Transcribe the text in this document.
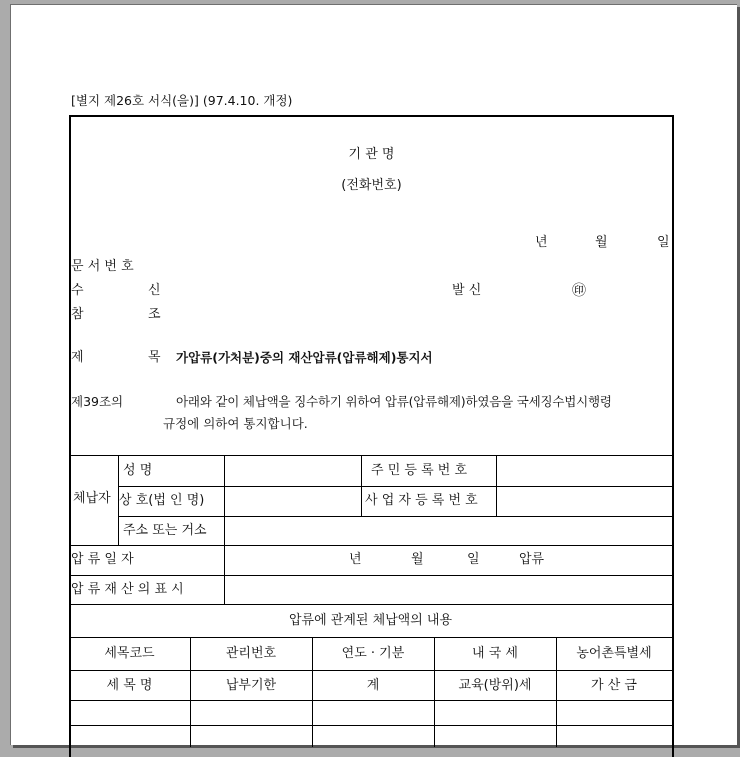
[별지 제26호 서식(을)] (97.4.10. 개정)
기 관 명
(전화번호)
년	월	일
문 서 번 호
수	신	발 신	㊞
참	조
제	목 가압류(가처분)중의 재산압류(압류해제)통지서
제39조의	아래와 같이 체납액을 징수하기 위하여 압류(압류해제)하였음을 국세징수법시행령
규정에 의하여 통지합니다.
체납자
성 명	주 민 등 록 번 호
상 호(법 인 명)	사 업 자 등 록 번 호
주소 또는 거소
압 류 일 자	년	월	일	압류
압 류 재 산 의 표 시
압류에 관계된 체납액의 내용
세목코드	관리번호	연도 · 기분	내 국 세	농어촌특별세
세 목 명	납부기한	계	교육(방위)세	가 산 금
